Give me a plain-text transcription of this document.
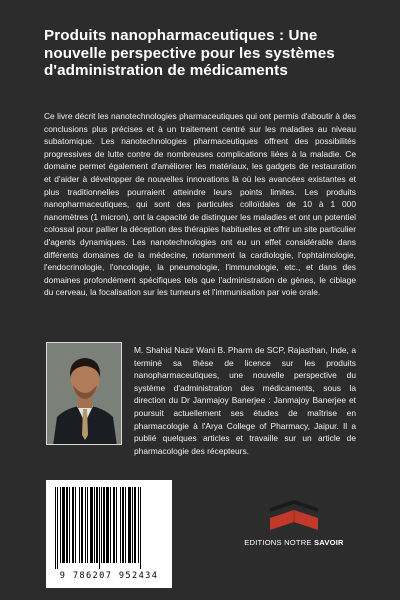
Produits nanopharmaceutiques : Une nouvelle perspective pour les systèmes d'administration de médicaments

Ce livre décrit les nanotechnologies pharmaceutiques qui ont permis d'aboutir à des conclusions plus précises et à un traitement centré sur les maladies au niveau subatomique. Les nanotechnologies pharmaceutiques offrent des possibilités progressives de lutte contre de nombreuses complications liées à la maladie. Ce domaine permet également d'améliorer les matériaux, les gadgets de restauration et d'aider à développer de nouvelles innovations là où les avancées existantes et plus traditionnelles pourraient atteindre leurs points limites. Les produits nanopharmaceutiques, qui sont des particules colloïdales de 10 à 1 000 nanomètres (1 micron), ont la capacité de distinguer les maladies et ont un potentiel colossal pour pallier la déception des thérapies habituelles et offrir un site particulier d'agents dynamiques. Les nanotechnologies ont eu un effet considérable dans différents domaines de la médecine, notamment la cardiologie, l'ophtalmologie, l'endocrinologie, l'oncologie, la pneumologie, l'immunologie, etc., et dans des domaines profondément spécifiques tels que l'administration de gènes, le ciblage du cerveau, la focalisation sur les tumeurs et l'immunisation par voie orale.

M. Shahid Nazir Wani B. Pharm de SCP, Rajasthan, Inde, a terminé sa thèse de licence sur les produits nanopharmaceutiques, une nouvelle perspective du système d'administration des médicaments, sous la direction du Dr Janmajoy Banerjee : Janmajoy Banerjee et poursuit actuellement ses études de maîtrise en pharmacologie à l'Arya College of Pharmacy, Jaipur. Il a publié quelques articles et travaille sur un article de pharmacologie des récepteurs.

9 786207 952434
EDITIONS NOTRE SAVOIR
